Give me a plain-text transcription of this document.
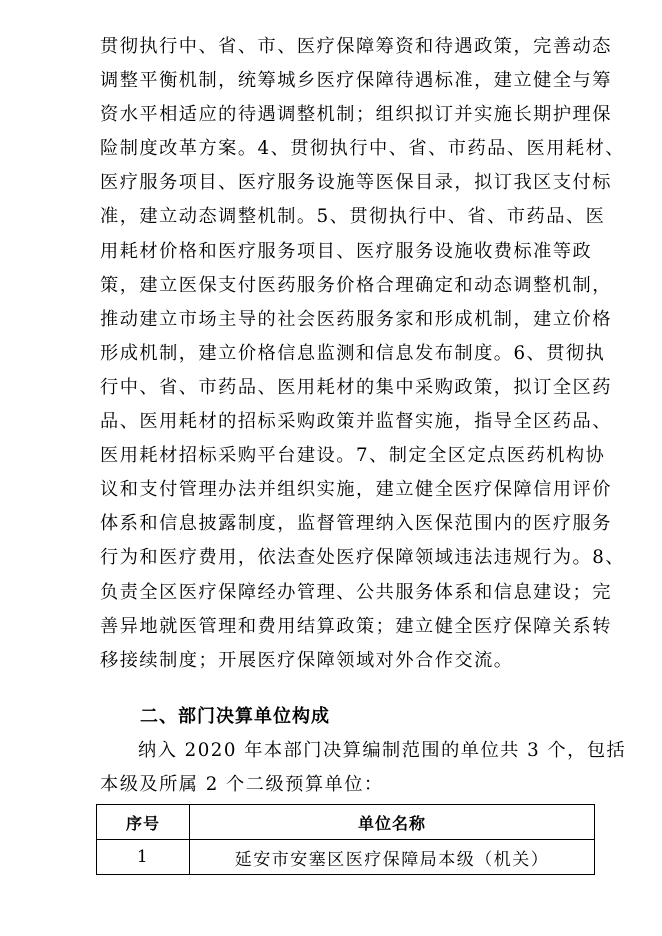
贯彻执行中、省、市、医疗保障筹资和待遇政策，完善动态
调整平衡机制，统筹城乡医疗保障待遇标准，建立健全与筹
资水平相适应的待遇调整机制；组织拟订并实施长期护理保
险制度改革方案。4、贯彻执行中、省、市药品、医用耗材、
医疗服务项目、医疗服务设施等医保目录，拟订我区支付标
准，建立动态调整机制。5、贯彻执行中、省、市药品、医
用耗材价格和医疗服务项目、医疗服务设施收费标准等政
策，建立医保支付医药服务价格合理确定和动态调整机制，
推动建立市场主导的社会医药服务家和形成机制，建立价格
形成机制，建立价格信息监测和信息发布制度。6、贯彻执
行中、省、市药品、医用耗材的集中采购政策，拟订全区药
品、医用耗材的招标采购政策并监督实施，指导全区药品、
医用耗材招标采购平台建设。7、制定全区定点医药机构协
议和支付管理办法并组织实施，建立健全医疗保障信用评价
体系和信息披露制度，监督管理纳入医保范围内的医疗服务
行为和医疗费用，依法查处医疗保障领域违法违规行为。8、
负责全区医疗保障经办管理、公共服务体系和信息建设；完
善异地就医管理和费用结算政策；建立健全医疗保障关系转
移接续制度；开展医疗保障领域对外合作交流。
二、部门决算单位构成
纳入 2020 年本部门决算编制范围的单位共 3 个，包括
本级及所属 2 个二级预算单位：
序号	单位名称
1	延安市安塞区医疗保障局本级（机关）
